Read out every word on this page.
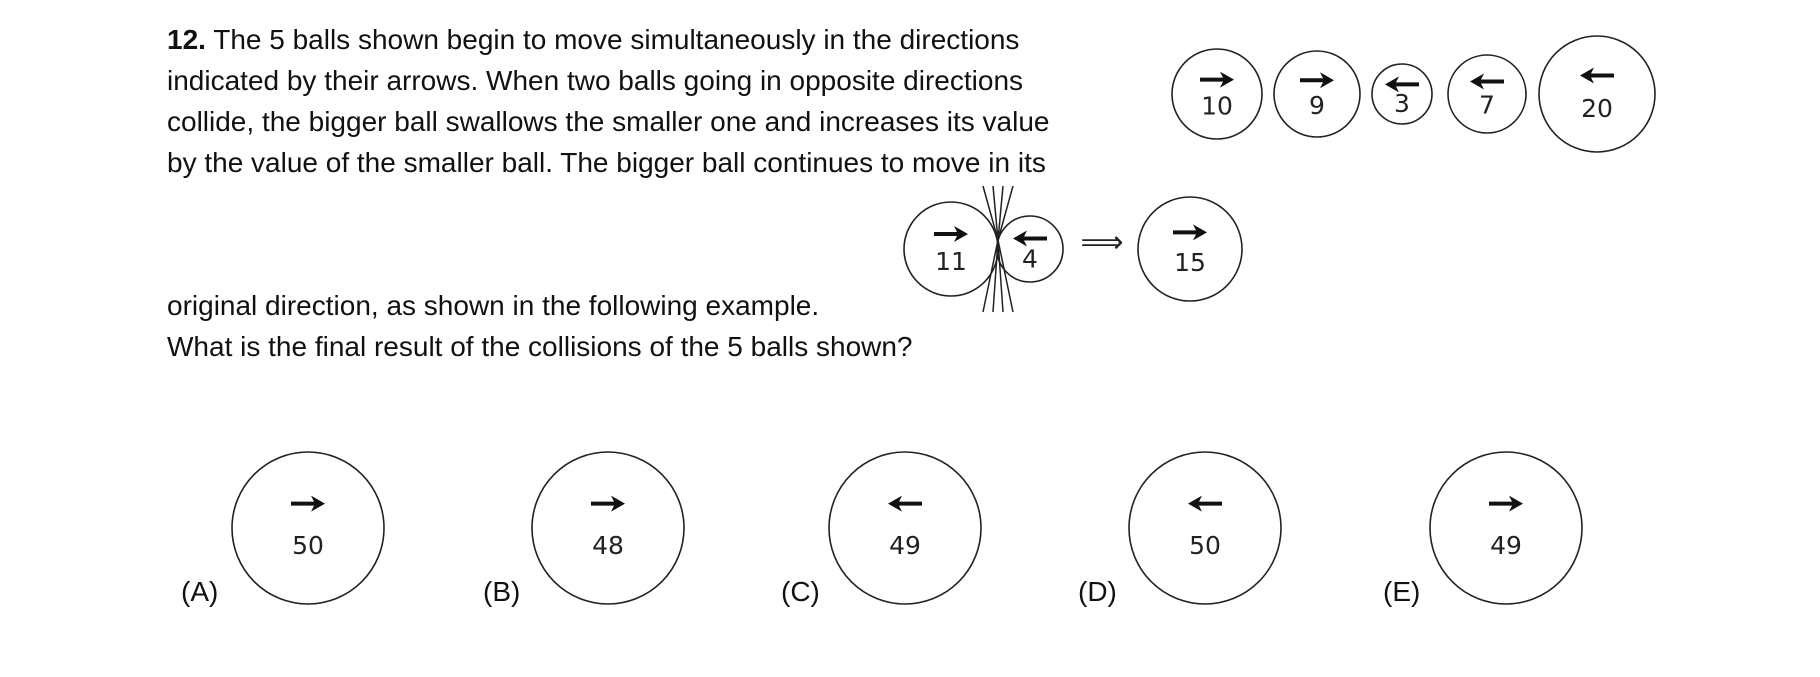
12. The 5 balls shown begin to move simultaneously in the directions
indicated by their arrows. When two balls going in opposite directions
collide, the bigger ball swallows the smaller one and increases its value
by the value of the smaller ball. The bigger ball continues to move in its
original direction, as shown in the following example.
What is the final result of the collisions of the 5 balls shown?
(A)	(B)	(C)	(D)	(E)
⟹
10	9	3	7	20
11 4	15
50	48	49	50	49
